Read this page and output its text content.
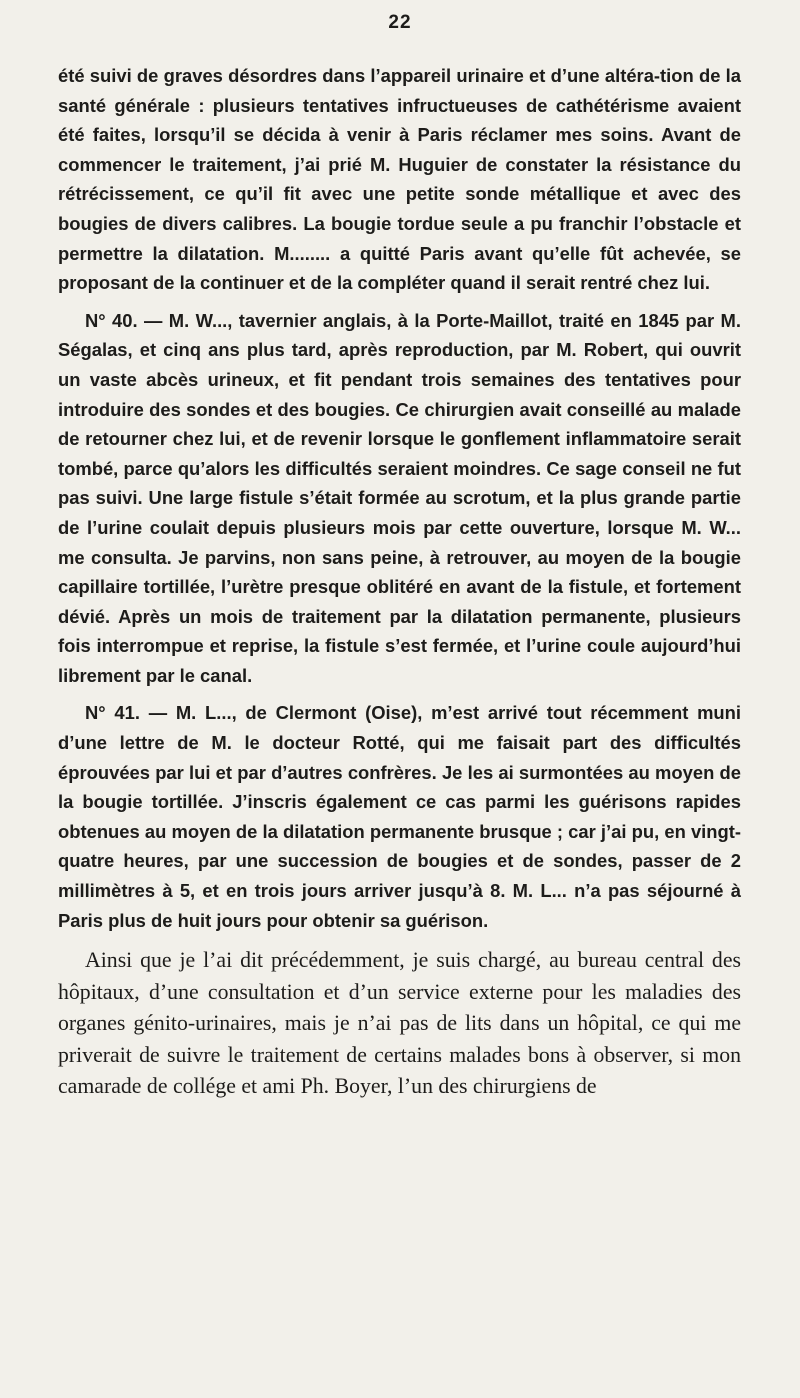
22

été suivi de graves désordres dans l’appareil urinaire et d’une altéra-tion de la santé générale : plusieurs tentatives infructueuses de cathétérisme avaient été faites, lorsqu’il se décida à venir à Paris réclamer mes soins. Avant de commencer le traitement, j’ai prié M. Huguier de constater la résistance du rétrécissement, ce qu’il fit avec une petite sonde métallique et avec des bougies de divers calibres. La bougie tordue seule a pu franchir l’obstacle et permettre la dilatation. M........ a quitté Paris avant qu’elle fût achevée, se proposant de la continuer et de la compléter quand il serait rentré chez lui.

N° 40. — M. W..., tavernier anglais, à la Porte-Maillot, traité en 1845 par M. Ségalas, et cinq ans plus tard, après reproduction, par M. Robert, qui ouvrit un vaste abcès urineux, et fit pendant trois semaines des tentatives pour introduire des sondes et des bougies. Ce chirurgien avait conseillé au malade de retourner chez lui, et de revenir lorsque le gonflement inflammatoire serait tombé, parce qu’alors les difficultés seraient moindres. Ce sage conseil ne fut pas suivi. Une large fistule s’était formée au scrotum, et la plus grande partie de l’urine coulait depuis plusieurs mois par cette ouverture, lorsque M. W... me consulta. Je parvins, non sans peine, à retrouver, au moyen de la bougie capillaire tortillée, l’urètre presque oblitéré en avant de la fistule, et fortement dévié. Après un mois de traitement par la dilatation permanente, plusieurs fois interrompue et reprise, la fistule s’est fermée, et l’urine coule aujourd’hui librement par le canal.

N° 41. — M. L..., de Clermont (Oise), m’est arrivé tout récemment muni d’une lettre de M. le docteur Rotté, qui me faisait part des difficultés éprouvées par lui et par d’autres confrères. Je les ai surmontées au moyen de la bougie tortillée. J’inscris également ce cas parmi les guérisons rapides obtenues au moyen de la dilatation permanente brusque ; car j’ai pu, en vingt-quatre heures, par une succession de bougies et de sondes, passer de 2 millimètres à 5, et en trois jours arriver jusqu’à 8. M. L... n’a pas séjourné à Paris plus de huit jours pour obtenir sa guérison.

Ainsi que je l’ai dit précédemment, je suis chargé, au bureau central des hôpitaux, d’une consultation et d’un service externe pour les maladies des organes génito-urinaires, mais je n’ai pas de lits dans un hôpital, ce qui me priverait de suivre le traitement de certains malades bons à observer, si mon camarade de collége et ami Ph. Boyer, l’un des chirurgiens de
